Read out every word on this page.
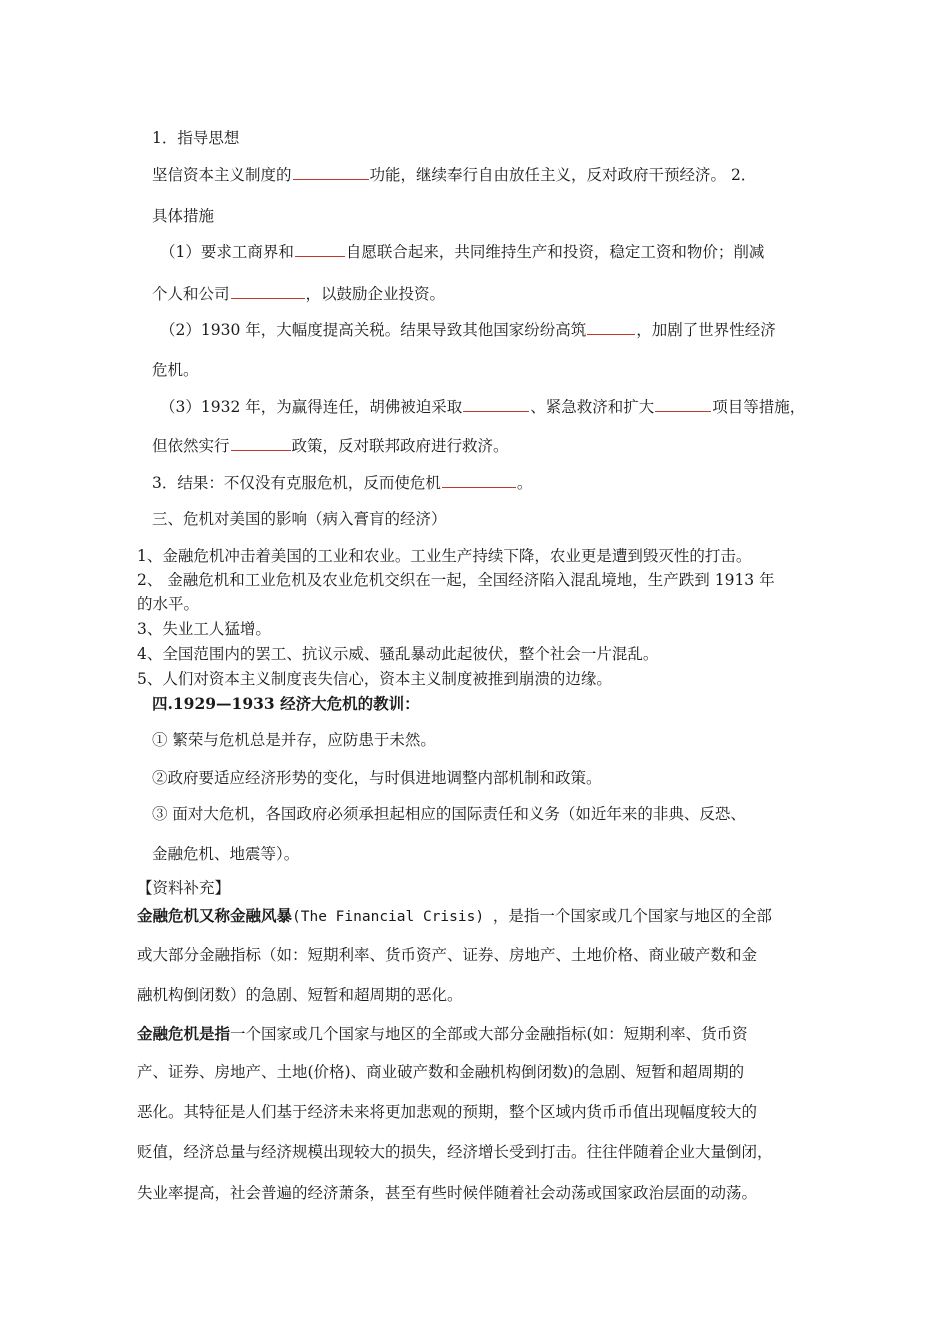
1．指导思想
坚信资本主义制度的	功能，继续奉行自由放任主义，反对政府干预经济。 2．
具体措施
（1）要求工商界和	自愿联合起来，共同维持生产和投资，稳定工资和物价；削减
个人和公司	，以鼓励企业投资。
（2）1930 年，大幅度提高关税。结果导致其他国家纷纷高筑	，加剧了世界性经济
危机。
（3）1932 年，为赢得连任，胡佛被迫采取	、紧急救济和扩大	项目等措施，
但依然实行	政策，反对联邦政府进行救济。
3．结果：不仅没有克服危机，反而使危机	。
三、危机对美国的影响（病入膏肓的经济）
1、金融危机冲击着美国的工业和农业。工业生产持续下降，农业更是遭到毁灭性的打击。
2、 金融危机和工业危机及农业危机交织在一起，全国经济陷入混乱境地，生产跌到 1913 年
的水平。
3、失业工人猛增。
4、全国范围内的罢工、抗议示威、骚乱暴动此起彼伏，整个社会一片混乱。
5、人们对资本主义制度丧失信心，资本主义制度被推到崩溃的边缘。
四.1929—1933 经济大危机的教训：
① 繁荣与危机总是并存，应防患于未然。
②政府要适应经济形势的变化，与时俱进地调整内部机制和政策。
③ 面对大危机，各国政府必须承担起相应的国际责任和义务（如近年来的非典、反恐、
金融危机、地震等）。
【资料补充】
金融危机又称金融风暴(The Financial Crisis) ，是指一个国家或几个国家与地区的全部
或大部分金融指标（如：短期利率、货币资产、证券、房地产、土地价格、商业破产数和金
融机构倒闭数）的急剧、短暂和超周期的恶化。
金融危机是指一个国家或几个国家与地区的全部或大部分金融指标(如：短期利率、货币资
产、证券、房地产、土地(价格)、商业破产数和金融机构倒闭数)的急剧、短暂和超周期的
恶化。其特征是人们基于经济未来将更加悲观的预期，整个区域内货币币值出现幅度较大的
贬值，经济总量与经济规模出现较大的损失，经济增长受到打击。往往伴随着企业大量倒闭，
失业率提高，社会普遍的经济萧条，甚至有些时候伴随着社会动荡或国家政治层面的动荡。
